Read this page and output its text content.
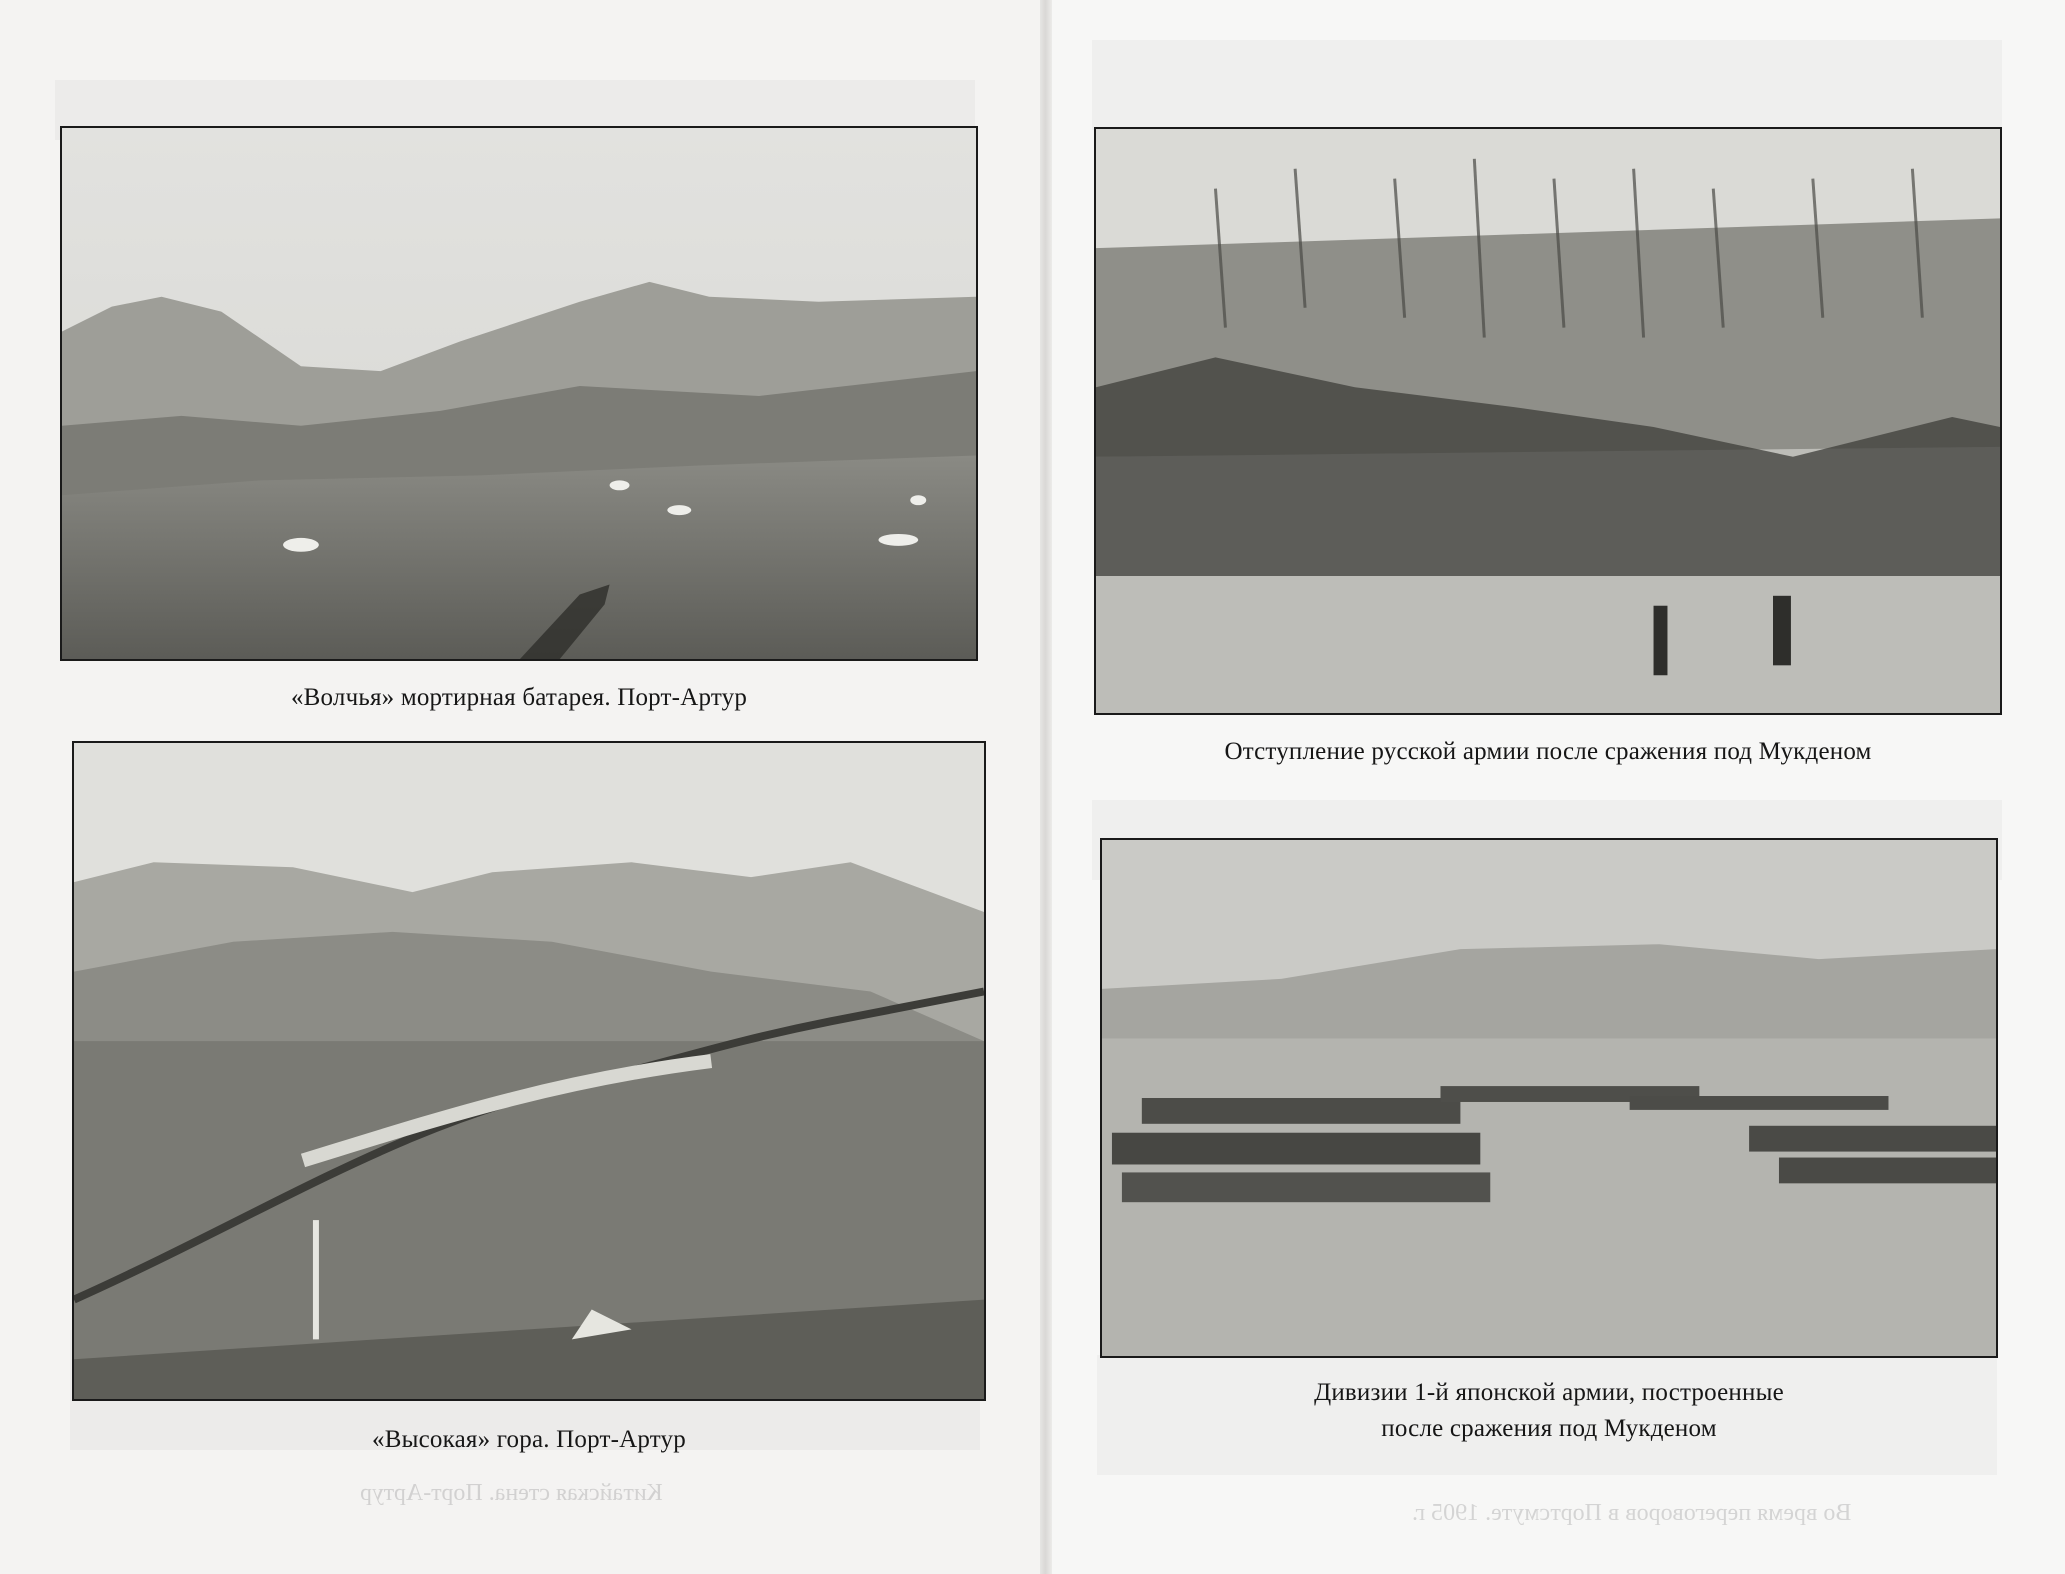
«Волчья» мортирная батарея. Порт-Артур
«Высокая» гора. Порт-Артур
Китайская стена. Порт-Артур
Отступление русской армии после сражения под Мукденом
Дивизии 1-й японской армии, построенные
после сражения под Мукденом
Во время переговоров в Портсмуте. 1905 г.
